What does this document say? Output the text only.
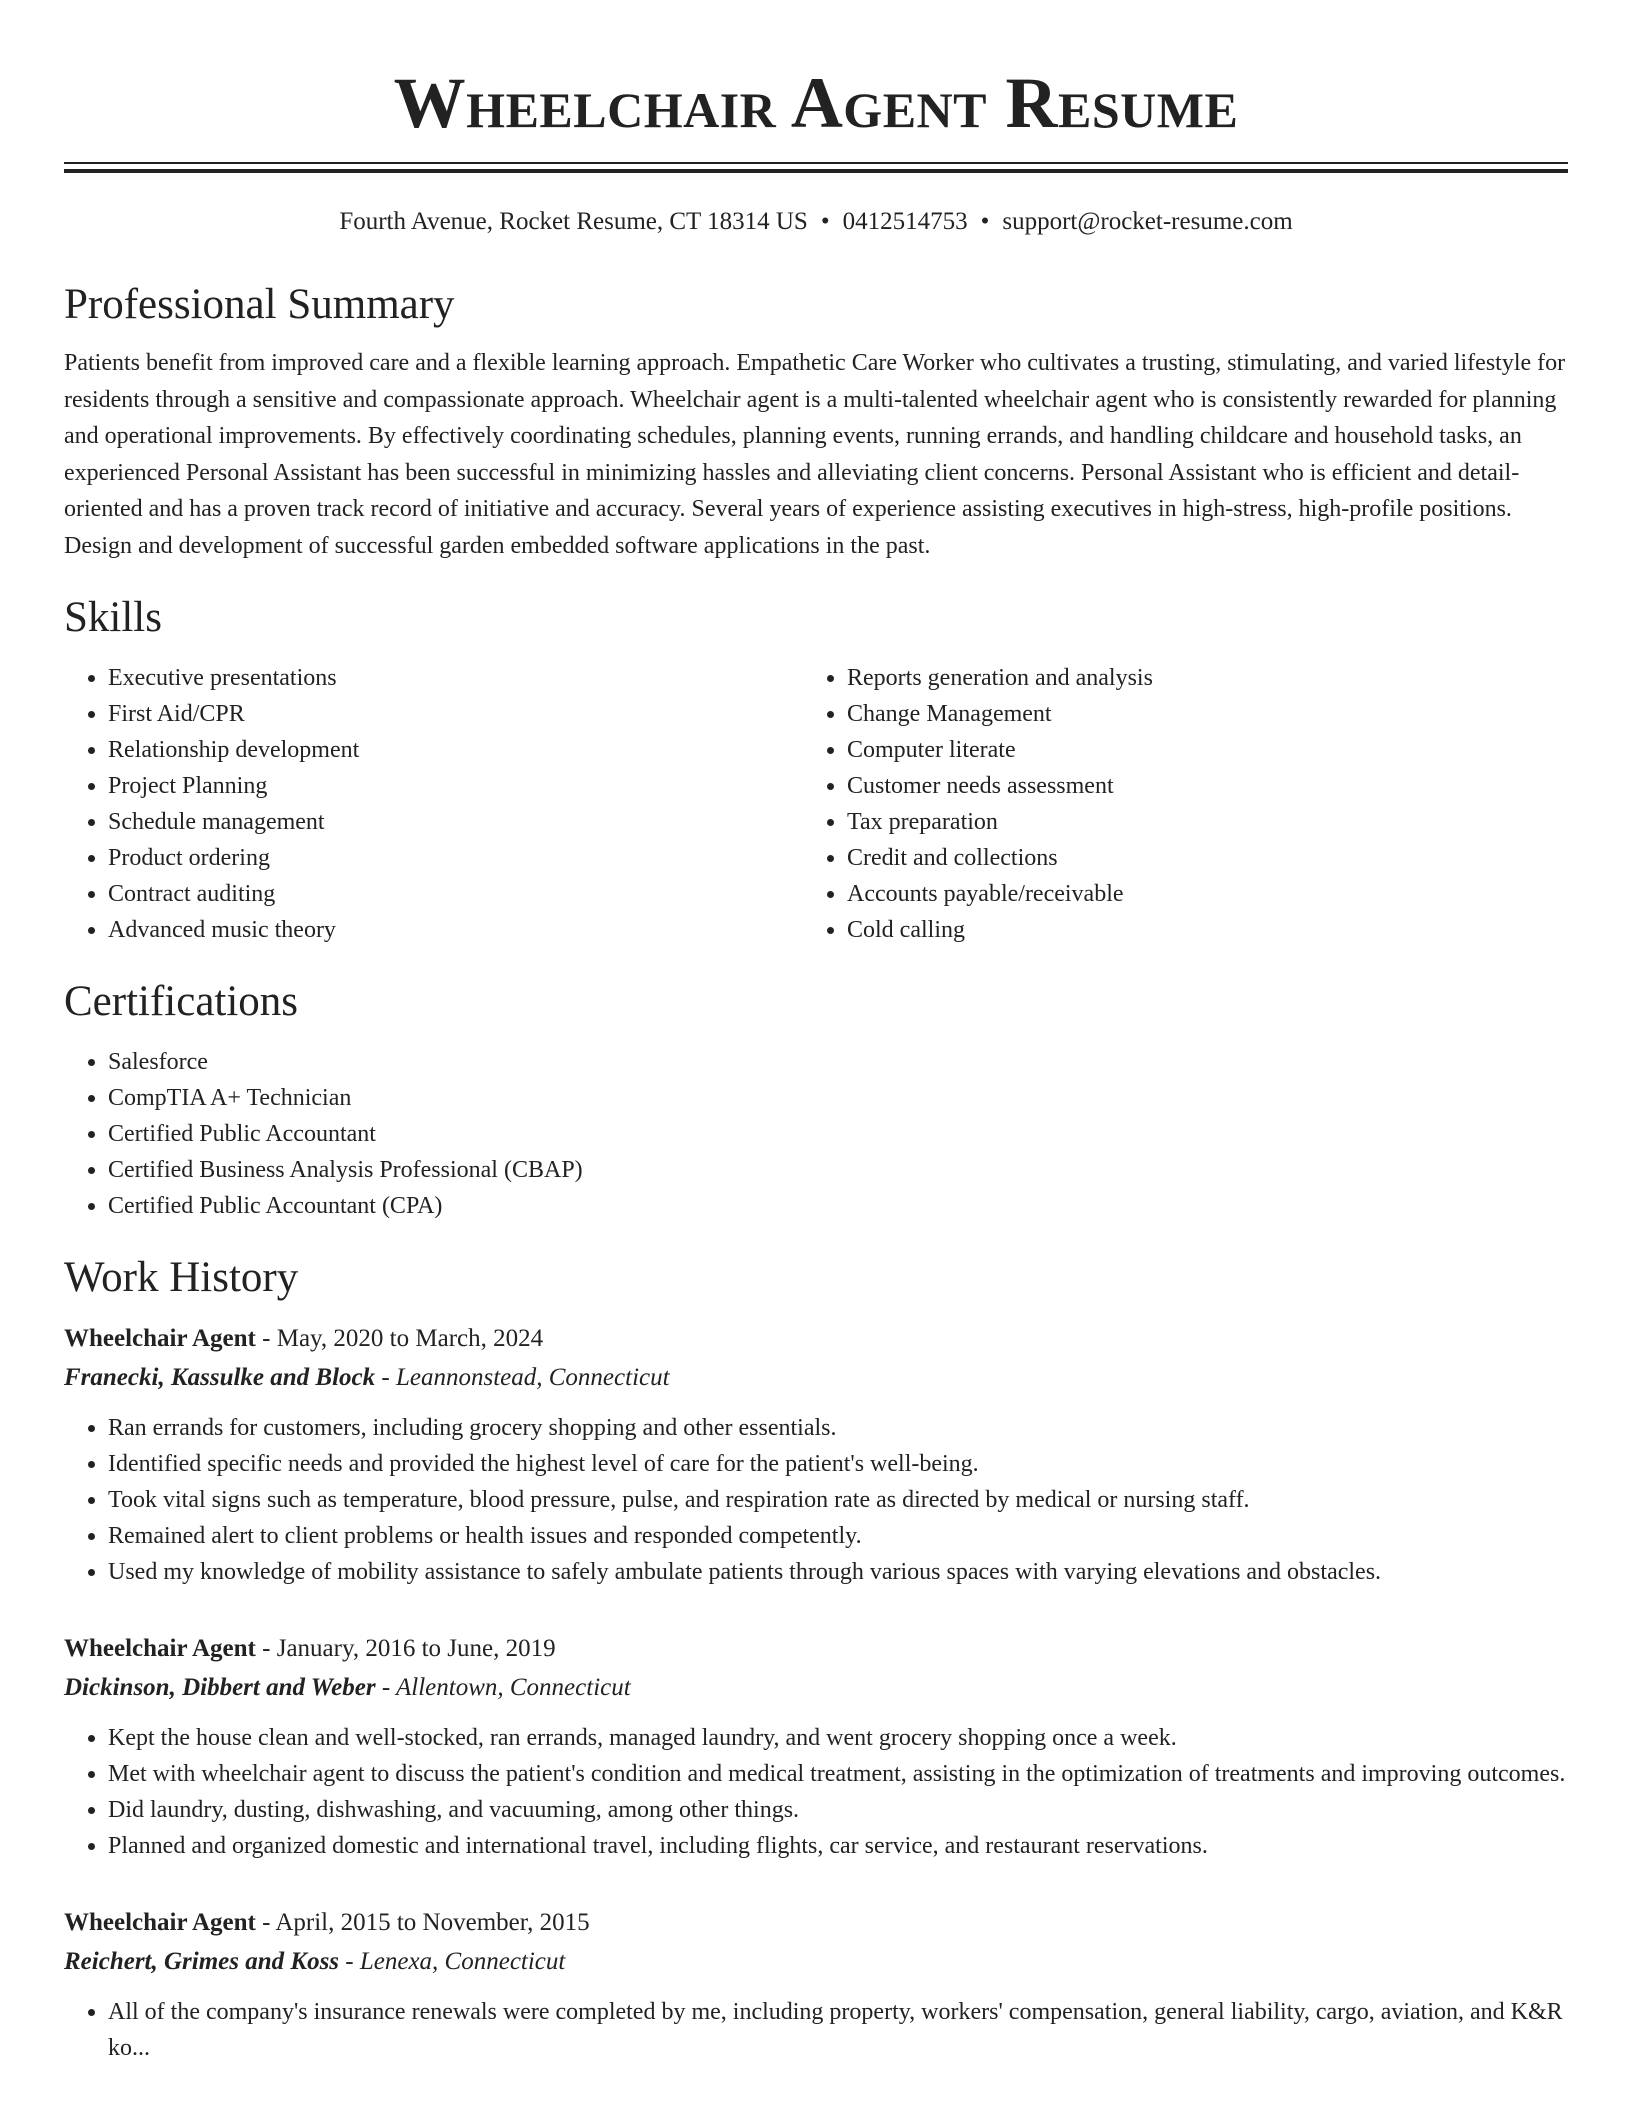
Wheelchair Agent Resume
Fourth Avenue, Rocket Resume, CT 18314 US • 0412514753 • support@rocket-resume.com
Professional Summary
Patients benefit from improved care and a flexible learning approach. Empathetic Care Worker who cultivates a trusting, stimulating, and varied lifestyle for residents through a sensitive and compassionate approach. Wheelchair agent is a multi-talented wheelchair agent who is consistently rewarded for planning and operational improvements. By effectively coordinating schedules, planning events, running errands, and handling childcare and household tasks, an experienced Personal Assistant has been successful in minimizing hassles and alleviating client concerns. Personal Assistant who is efficient and detail-oriented and has a proven track record of initiative and accuracy. Several years of experience assisting executives in high-stress, high-profile positions. Design and development of successful garden embedded software applications in the past.
Skills
• Executive presentations
• First Aid/CPR
• Relationship development
• Project Planning
• Schedule management
• Product ordering
• Contract auditing
• Advanced music theory
• Reports generation and analysis
• Change Management
• Computer literate
• Customer needs assessment
• Tax preparation
• Credit and collections
• Accounts payable/receivable
• Cold calling
Certifications
• Salesforce
• CompTIA A+ Technician
• Certified Public Accountant
• Certified Business Analysis Professional (CBAP)
• Certified Public Accountant (CPA)
Work History
Wheelchair Agent - May, 2020 to March, 2024
Franecki, Kassulke and Block - Leannonstead, Connecticut
• Ran errands for customers, including grocery shopping and other essentials.
• Identified specific needs and provided the highest level of care for the patient's well-being.
• Took vital signs such as temperature, blood pressure, pulse, and respiration rate as directed by medical or nursing staff.
• Remained alert to client problems or health issues and responded competently.
• Used my knowledge of mobility assistance to safely ambulate patients through various spaces with varying elevations and obstacles.
Wheelchair Agent - January, 2016 to June, 2019
Dickinson, Dibbert and Weber - Allentown, Connecticut
• Kept the house clean and well-stocked, ran errands, managed laundry, and went grocery shopping once a week.
• Met with wheelchair agent to discuss the patient's condition and medical treatment, assisting in the optimization of treatments and improving outcomes.
• Did laundry, dusting, dishwashing, and vacuuming, among other things.
• Planned and organized domestic and international travel, including flights, car service, and restaurant reservations.
Wheelchair Agent - April, 2015 to November, 2015
Reichert, Grimes and Koss - Lenexa, Connecticut
• All of the company's insurance renewals were completed by me, including property, workers' compensation, general liability, cargo, aviation, and K&R ko...
